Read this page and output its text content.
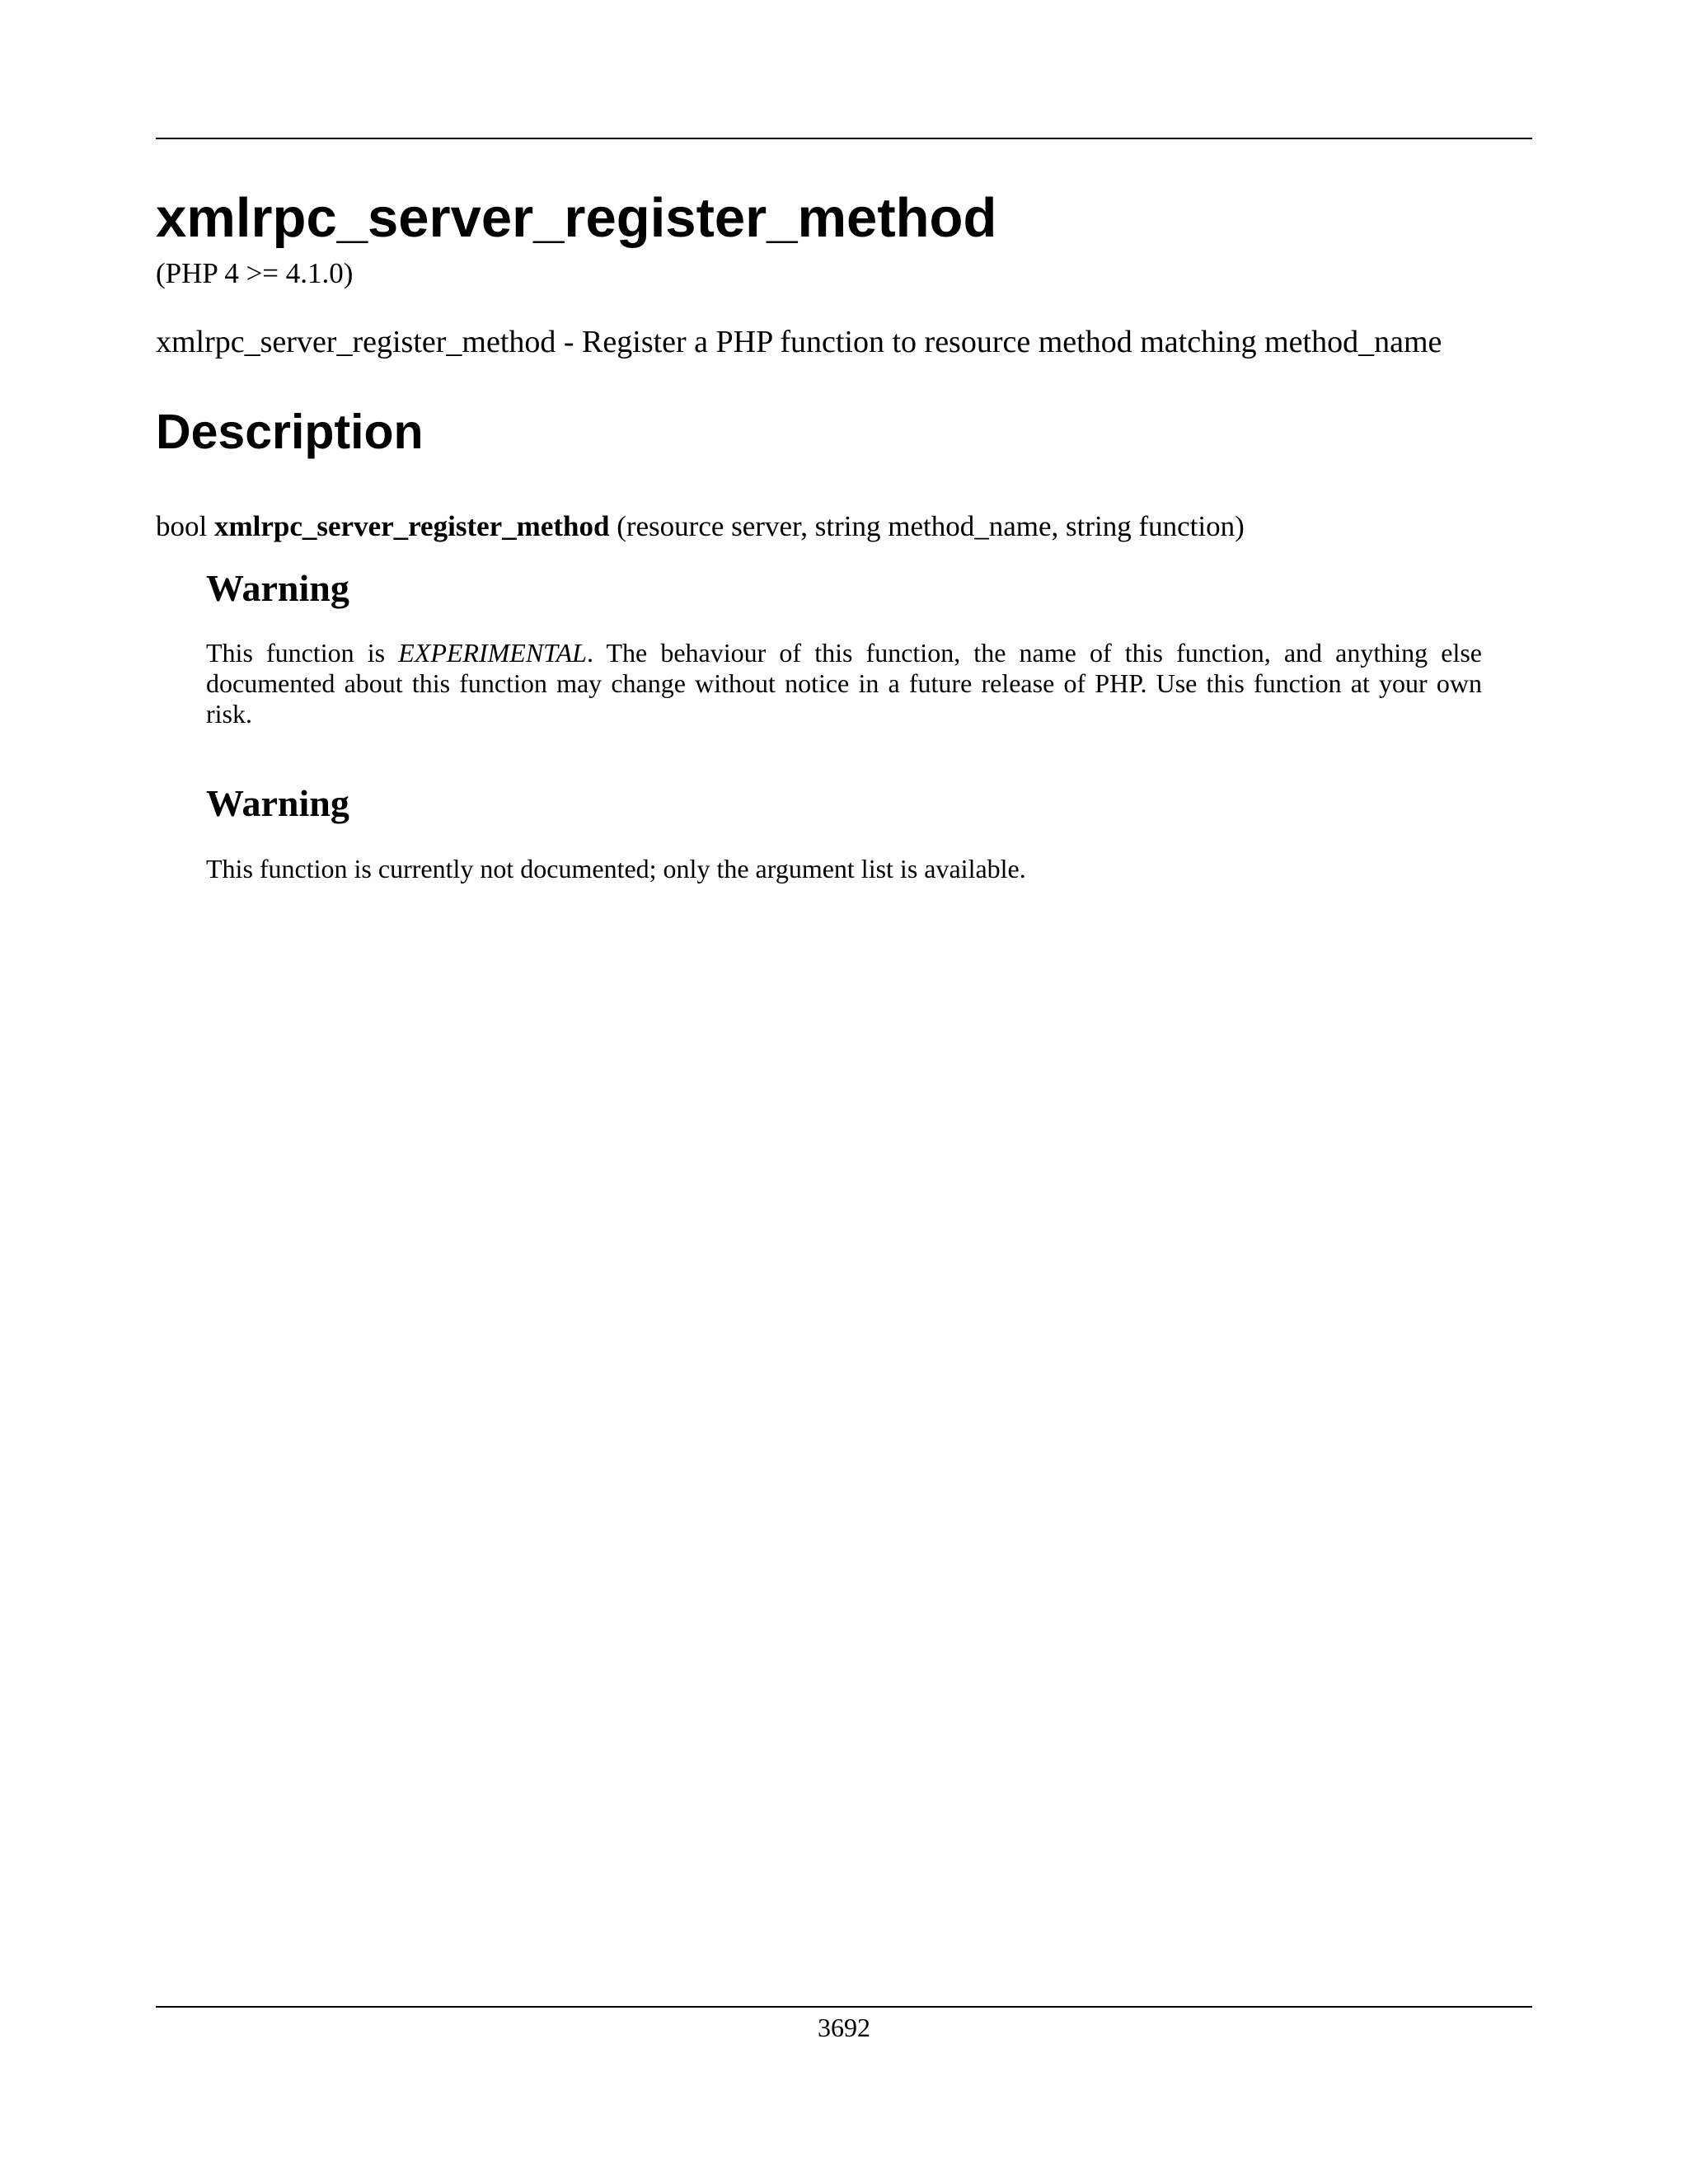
xmlrpc_server_register_method
(PHP 4 >= 4.1.0)
xmlrpc_server_register_method - Register a PHP function to resource method matching method_name
Description
bool xmlrpc_server_register_method (resource server, string method_name, string function)
Warning

This function is EXPERIMENTAL. The behaviour of this function, the name of this function, and anything else documented about this function may change without notice in a future release of PHP. Use this function at your own risk.

Warning

This function is currently not documented; only the argument list is available.

3692
